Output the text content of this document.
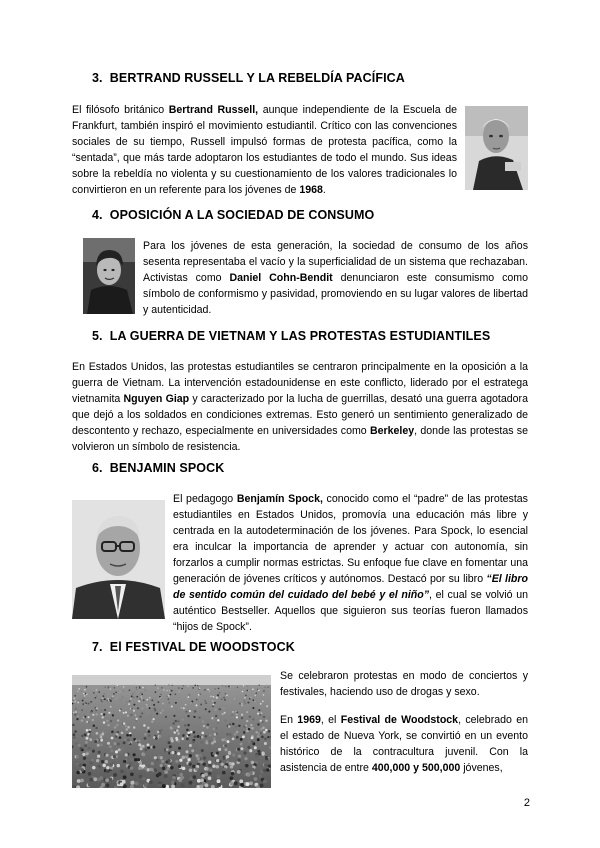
3. BERTRAND RUSSELL Y LA REBELDÍA PACÍFICA
El filósofo británico Bertrand Russell, aunque independiente de la Escuela de Frankfurt, también inspiró el movimiento estudiantil. Crítico con las convenciones sociales de su tiempo, Russell impulsó formas de protesta pacífica, como la “sentada”, que más tarde adoptaron los estudiantes de todo el mundo. Sus ideas sobre la rebeldía no violenta y su cuestionamiento de los valores tradicionales lo convirtieron en un referente para los jóvenes de 1968.
4. OPOSICIÓN A LA SOCIEDAD DE CONSUMO
Para los jóvenes de esta generación, la sociedad de consumo de los años sesenta representaba el vacío y la superficialidad de un sistema que rechazaban. Activistas como Daniel Cohn-Bendit denunciaron este consumismo como símbolo de conformismo y pasividad, promoviendo en su lugar valores de libertad y autenticidad.
5. LA GUERRA DE VIETNAM Y LAS PROTESTAS ESTUDIANTILES
En Estados Unidos, las protestas estudiantiles se centraron principalmente en la oposición a la guerra de Vietnam. La intervención estadounidense en este conflicto, liderado por el estratega vietnamita Nguyen Giap y caracterizado por la lucha de guerrillas, desató una guerra agotadora que dejó a los soldados en condiciones extremas. Esto generó un sentimiento generalizado de descontento y rechazo, especialmente en universidades como Berkeley, donde las protestas se volvieron un símbolo de resistencia.
6. BENJAMIN SPOCK
El pedagogo Benjamín Spock, conocido como el “padre” de las protestas estudiantiles en Estados Unidos, promovía una educación más libre y centrada en la autodeterminación de los jóvenes. Para Spock, lo esencial era inculcar la importancia de aprender y actuar con autonomía, sin forzarlos a cumplir normas estrictas. Su enfoque fue clave en fomentar una generación de jóvenes críticos y autónomos. Destacó por su libro “El libro de sentido común del cuidado del bebé y el niño”, el cual se volvió un auténtico Bestseller. Aquellos que siguieron sus teorías fueron llamados “hijos de Spock”.
7. El FESTIVAL DE WOODSTOCK
Se celebraron protestas en modo de conciertos y festivales, haciendo uso de drogas y sexo.
En 1969, el Festival de Woodstock, celebrado en el estado de Nueva York, se convirtió en un evento histórico de la contracultura juvenil. Con la asistencia de entre 400,000 y 500,000 jóvenes,
2
